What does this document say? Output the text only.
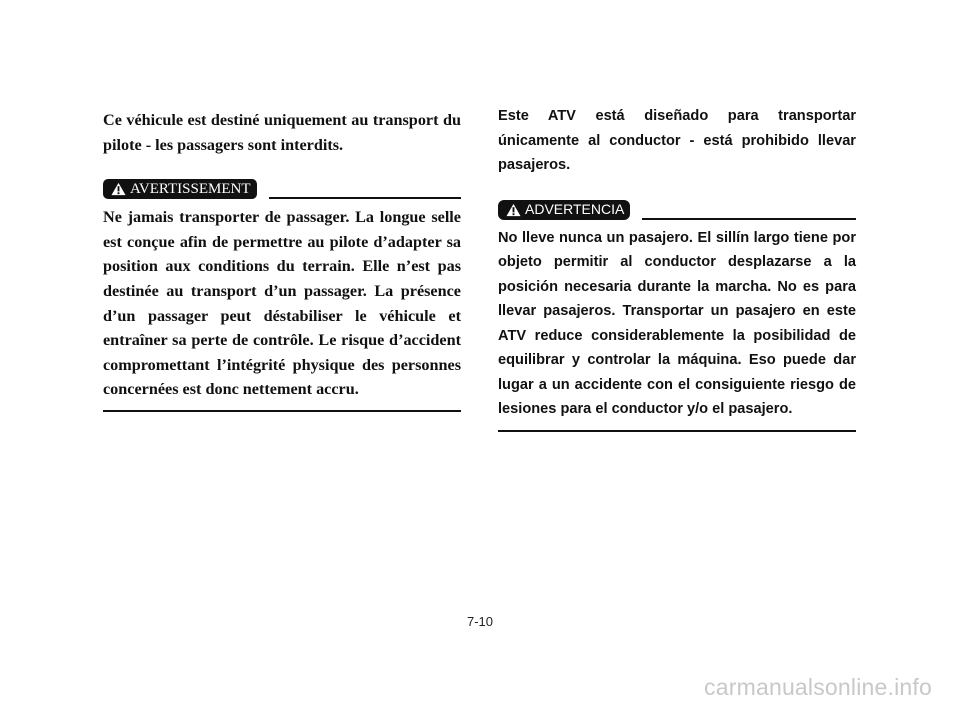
Ce véhicule est destiné uniquement au transport du pilote - les passagers sont interdits.

AVERTISSEMENT

Ne jamais transporter de passager. La longue selle est conçue afin de permettre au pilote d’adapter sa position aux conditions du terrain. Elle n’est pas destinée au transport d’un passager. La présence d’un passager peut déstabiliser le véhicule et entraîner sa perte de contrôle. Le risque d’accident compromettant l’intégrité physique des personnes concernées est donc nettement accru.

Este ATV está diseñado para transportar únicamente al conductor - está prohibido llevar pasajeros.

ADVERTENCIA

No lleve nunca un pasajero. El sillín largo tiene por objeto permitir al conductor desplazarse a la posición necesaria durante la marcha. No es para llevar pasajeros. Transportar un pasajero en este ATV reduce considerablemente la posibilidad de equilibrar y controlar la máquina. Eso puede dar lugar a un accidente con el consiguiente riesgo de lesiones para el conductor y/o el pasajero.

7-10
carmanualsonline.info
